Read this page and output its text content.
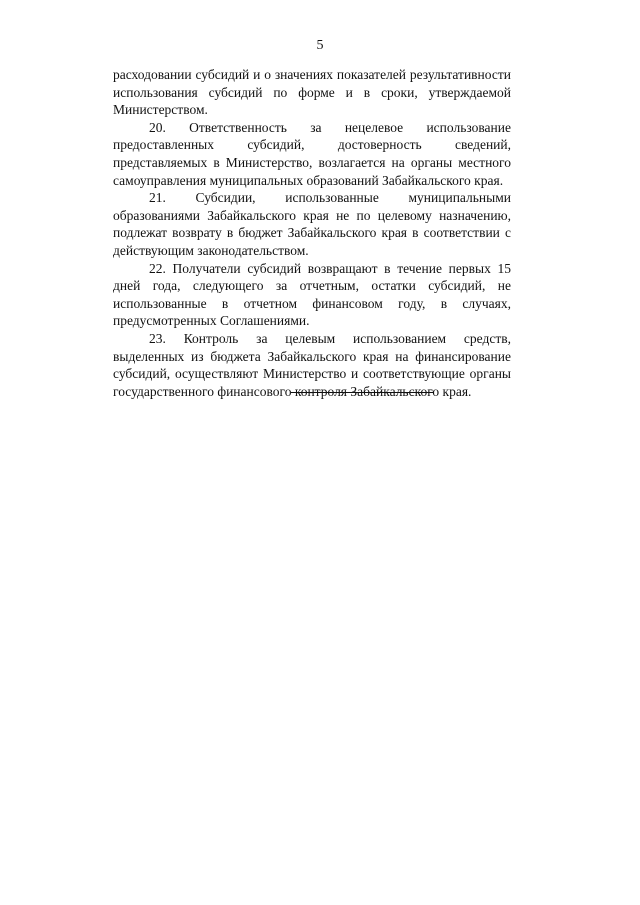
5

расходовании субсидий и о значениях показателей результативности использования субсидий по форме и в сроки, утверждаемой Министерством.

20. Ответственность за нецелевое использование предоставленных субсидий, достоверность сведений, представляемых в Министерство, возлагается на органы местного самоуправления муниципальных образований Забайкальского края.

21. Субсидии, использованные муниципальными образованиями Забайкальского края не по целевому назначению, подлежат возврату в бюджет Забайкальского края в соответствии с действующим законодательством.

22. Получатели субсидий возвращают в течение первых 15 дней года, следующего за отчетным, остатки субсидий, не использованные в отчетном финансовом году, в случаях, предусмотренных Соглашениями.

23. Контроль за целевым использованием средств, выделенных из бюджета Забайкальского края на финансирование субсидий, осуществляют Министерство и соответствующие органы государственного финансового контроля Забайкальского края.
